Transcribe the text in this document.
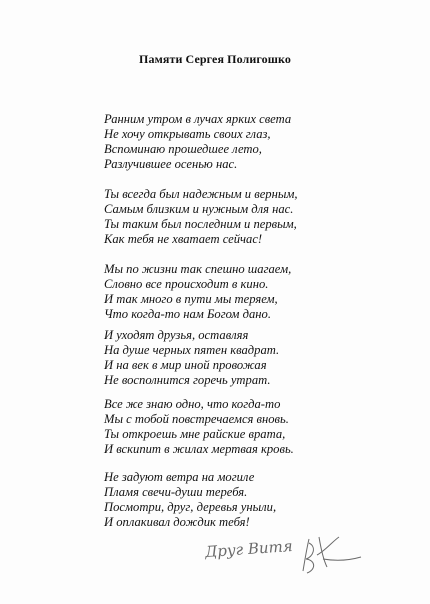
Памяти Сергея Полигошко
Ранним утром в лучах ярких света
Не хочу открывать своих глаз,
Вспоминаю прошедшее лето,
Разлучившее осенью нас.
Ты всегда был надежным и верным,
Самым близким и нужным для нас.
Ты таким был последним и первым,
Как тебя не хватает сейчас!
Мы по жизни так спешно шагаем,
Словно все происходит в кино.
И так много в пути мы теряем,
Что когда-то нам Богом дано.
И уходят друзья, оставляя
На душе черных пятен квадрат.
И на век в мир иной провожая
Не восполнится горечь утрат.
Все же знаю одно, что когда-то
Мы с тобой повстречаемся вновь.
Ты откроешь мне райские врата,
И вскипит в жилах мертвая кровь.
Не задуют ветра на могиле
Пламя свечи-души теребя.
Посмотри, друг, деревья уныли,
И оплакивал дождик тебя!
Друг Витя
